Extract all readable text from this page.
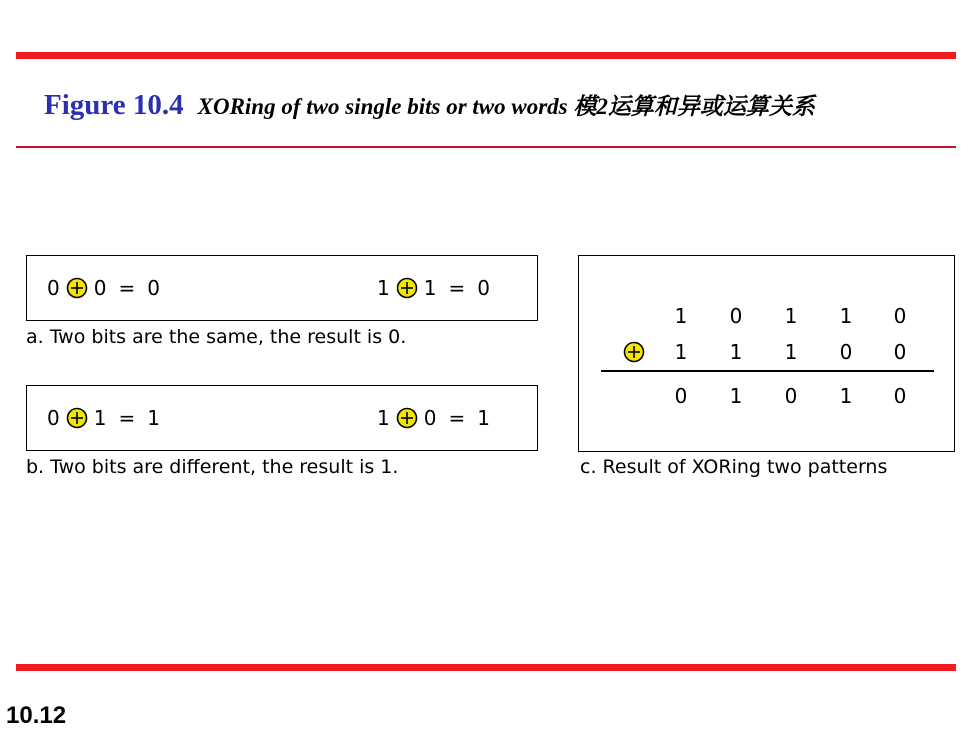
Figure 10.4 XORing of two single bits or two words 模2运算和异或运算关系
0 0 = 0	1 1 = 0
a. Two bits are the same, the result is 0.
0 1 = 1	1 0 = 1
b. Two bits are different, the result is 1.
1 0 1 1 0
1 1 1 0 0
0 1 0 1 0
c. Result of XORing two patterns
10.12
